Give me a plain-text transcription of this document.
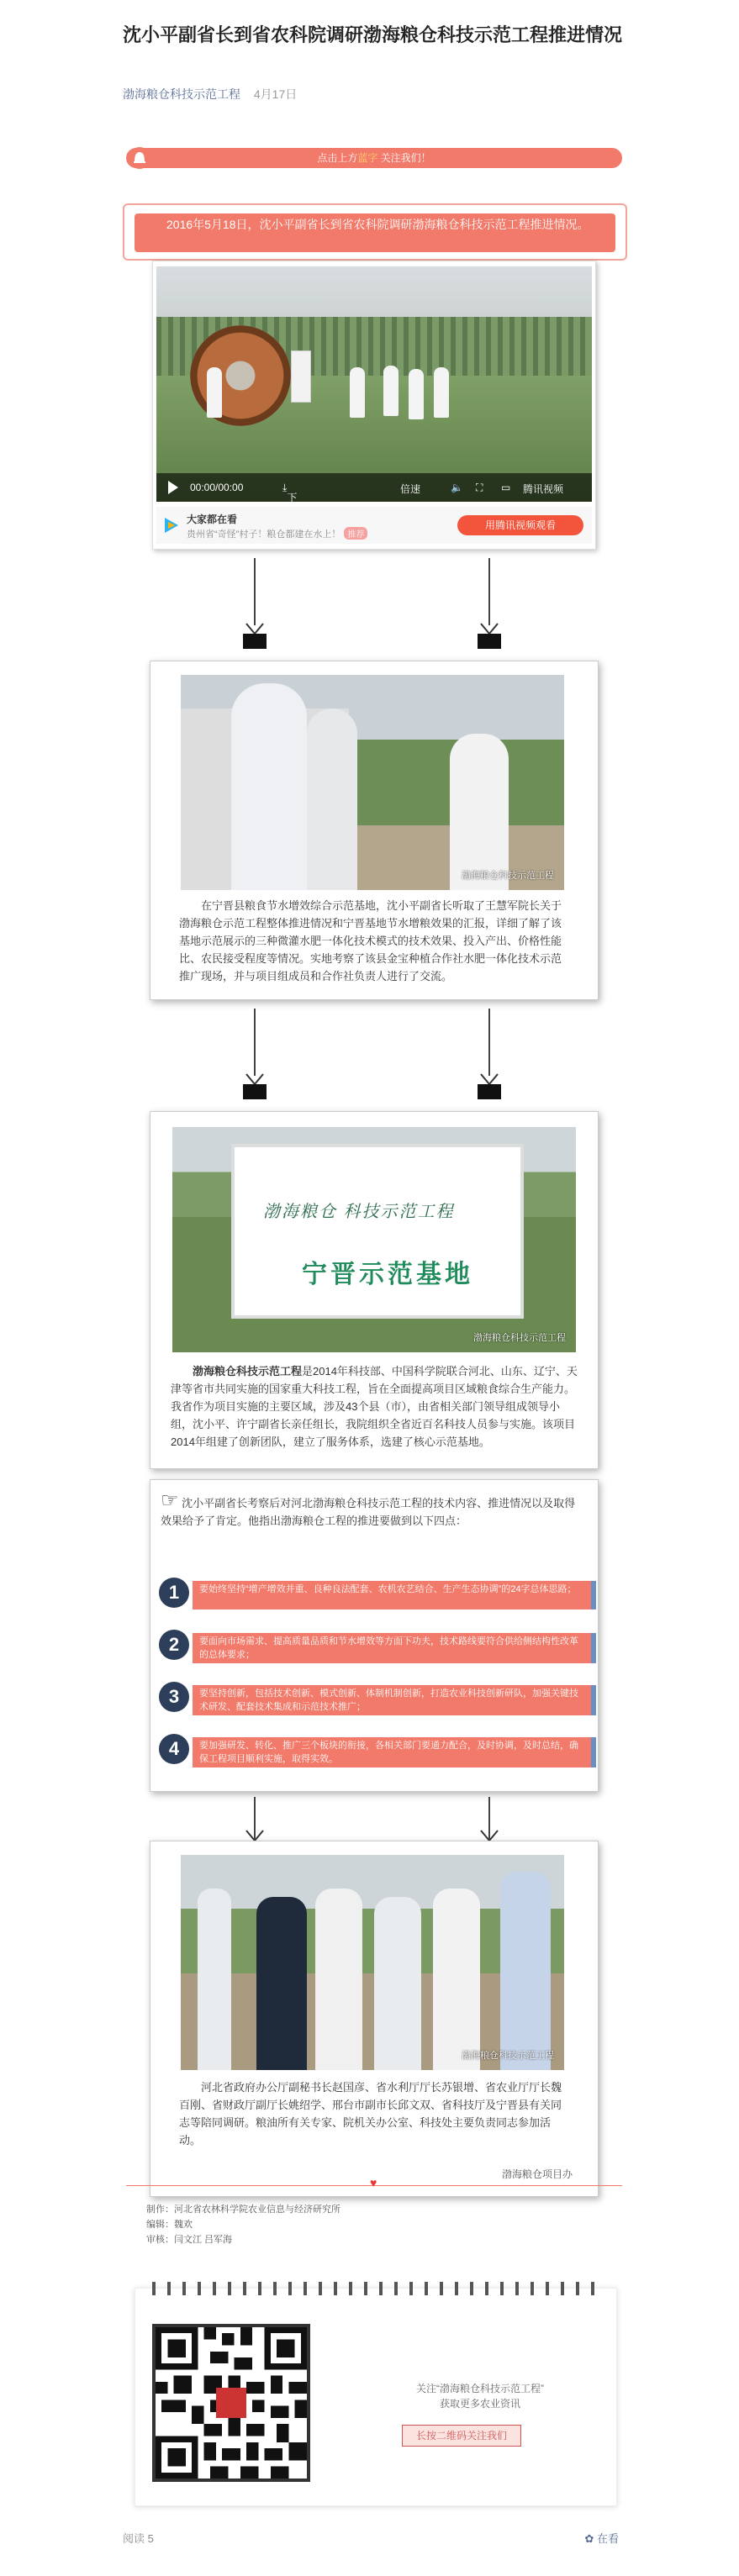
沈小平副省长到省农科院调研渤海粮仓科技示范工程推进情况
渤海粮仓科技示范工程 4月17日
点击上方蓝字 关注我们！
2016年5月18日，沈小平副省长到省农科院调研渤海粮仓科技示范工程推进情况。
00:00/00:00	⤓
下
倍速	🔈 ⛶ ▭ 腾讯视频
大家都在看
贵州省“奇怪”村子！粮仓都建在水上！ 推荐
用腾讯视频观看
渤海粮仓科技示范工程
在宁晋县粮食节水增效综合示范基地，沈小平副省长听取了王慧军院长关于渤海粮仓示范工程整体推进情况和宁晋基地节水增粮效果的汇报，详细了解了该基地示范展示的三种微灌水肥一体化技术模式的技术效果、投入产出、价格性能比、农民接受程度等情况。实地考察了该县金宝种植合作社水肥一体化技术示范推广现场，并与项目组成员和合作社负责人进行了交流。
渤海粮仓 科技示范工程
宁晋示范基地
渤海粮仓科技示范工程
渤海粮仓科技示范工程是2014年科技部、中国科学院联合河北、山东、辽宁、天津等省市共同实施的国家重大科技工程，旨在全面提高项目区域粮食综合生产能力。我省作为项目实施的主要区域，涉及43个县（市），由省相关部门领导组成领导小组，沈小平、许宁副省长亲任组长，我院组织全省近百名科技人员参与实施。该项目2014年组建了创新团队，建立了服务体系，选建了核心示范基地。
☞ 沈小平副省长考察后对河北渤海粮仓科技示范工程的技术内容、推进情况以及取得效果给予了肯定。他指出渤海粮仓工程的推进要做到以下四点：
1	要始终坚持“增产增效并重、良种良法配套、农机农艺结合、生产生态协调”的24字总体思路；
2	要面向市场需求、提高质量品质和节水增效等方面下功夫，技术路线要符合供给侧结构性改革的总体要求；
3	要坚持创新，包括技术创新、模式创新、体制机制创新，打造农业科技创新研队，加强关键技术研发、配套技术集成和示范技术推广；
4	要加强研发、转化、推广三个板块的衔接，各相关部门要通力配合，及时协调，及时总结，确保工程项目顺利实施，取得实效。
渤海粮仓科技示范工程
河北省政府办公厅副秘书长赵国彦、省水利厅厅长苏银增、省农业厅厅长魏百刚、省财政厅副厅长姚绍学、邢台市副市长邱文双、省科技厅及宁晋县有关同志等陪同调研。粮油所有关专家、院机关办公室、科技处主要负责同志参加活动。
渤海粮仓项目办
♥
制作：河北省农林科学院农业信息与经济研究所
编辑：魏欢
审核：闫文江 吕军海
关注“渤海粮仓科技示范工程”
获取更多农业资讯
长按二维码关注我们
阅读 5	✿ 在看
